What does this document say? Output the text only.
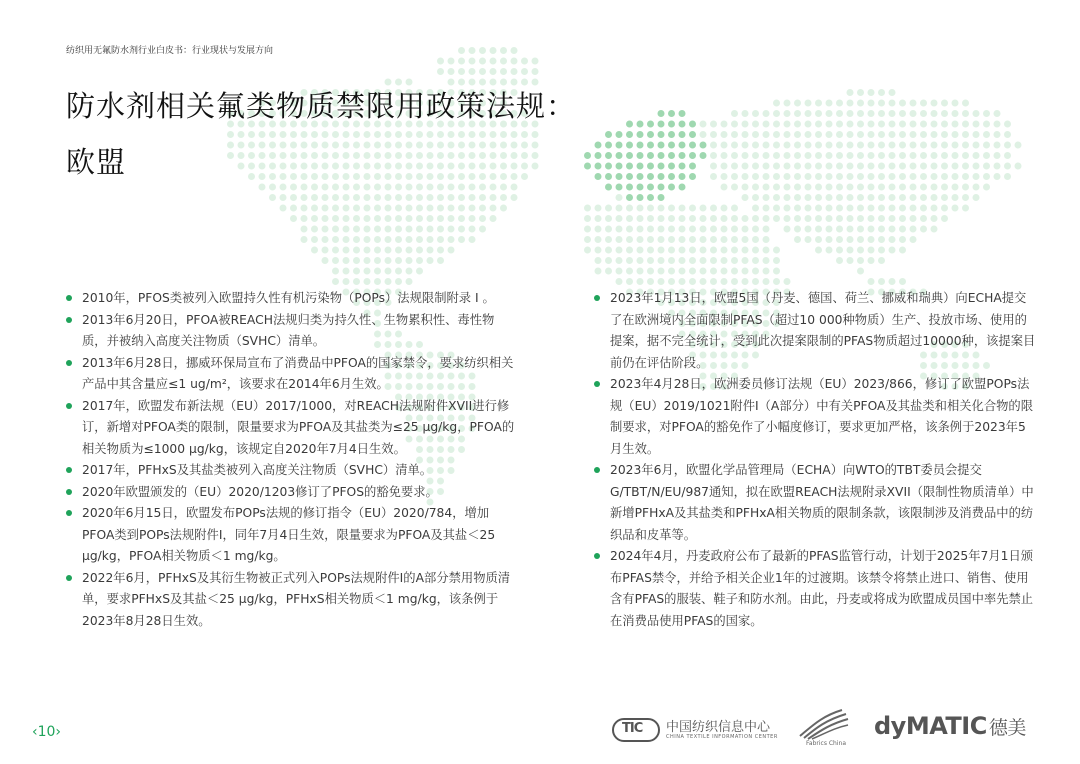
纺织用无氟防水剂行业白皮书：行业现状与发展方向
防水剂相关氟类物质禁限用政策法规：
欧盟
2010年，PFOS类被列入欧盟持久性有机污染物（POPs）法规限制附录 I 。
2013年6月20日，PFOA被REACH法规归类为持久性、生物累积性、毒性物质，并被纳入高度关注物质（SVHC）清单。
2013年6月28日，挪威环保局宣布了消费品中PFOA的国家禁令，要求纺织相关产品中其含量应≤1 ug/m²，该要求在2014年6月生效。
2017年，欧盟发布新法规（EU）2017/1000，对REACH法规附件XVII进行修订，新增对PFOA类的限制，限量要求为PFOA及其盐类为≤25 μg/kg，PFOA的相关物质为≤1000 μg/kg，该规定自2020年7月4日生效。
2017年，PFHxS及其盐类被列入高度关注物质（SVHC）清单。
2020年欧盟颁发的（EU）2020/1203修订了PFOS的豁免要求。
2020年6月15日，欧盟发布POPs法规的修订指令（EU）2020/784，增加PFOA类到POPs法规附件I，同年7月4日生效，限量要求为PFOA及其盐＜25 μg/kg，PFOA相关物质＜1 mg/kg。
2022年6月，PFHxS及其衍生物被正式列入POPs法规附件I的A部分禁用物质清单，要求PFHxS及其盐＜25 μg/kg，PFHxS相关物质＜1 mg/kg，该条例于2023年8月28日生效。
2023年1月13日，欧盟5国（丹麦、德国、荷兰、挪威和瑞典）向ECHA提交了在欧洲境内全面限制PFAS（超过10 000种物质）生产、投放市场、使用的提案，据不完全统计，受到此次提案限制的PFAS物质超过10000种，该提案目前仍在评估阶段。
2023年4月28日，欧洲委员修订法规（EU）2023/866，修订了欧盟POPs法规（EU）2019/1021附件I（A部分）中有关PFOA及其盐类和相关化合物的限制要求，对PFOA的豁免作了小幅度修订，要求更加严格，该条例于2023年5月生效。
2023年6月，欧盟化学品管理局（ECHA）向WTO的TBT委员会提交G/TBT/N/EU/987通知，拟在欧盟REACH法规附录XVII（限制性物质清单）中新增PFHxA及其盐类和PFHxA相关物质的限制条款，该限制涉及消费品中的纺织品和皮革等。
2024年4月，丹麦政府公布了最新的PFAS监管行动，计划于2025年7月1日颁布PFAS禁令，并给予相关企业1年的过渡期。该禁令将禁止进口、销售、使用含有PFAS的服装、鞋子和防水剂。由此，丹麦或将成为欧盟成员国中率先禁止在消费品使用PFAS的国家。
‹10›	TIC 中国纺织信息中心
CHINA TEXTILE INFORMATION CENTER
Fabrics China
dyMATIC 德美
